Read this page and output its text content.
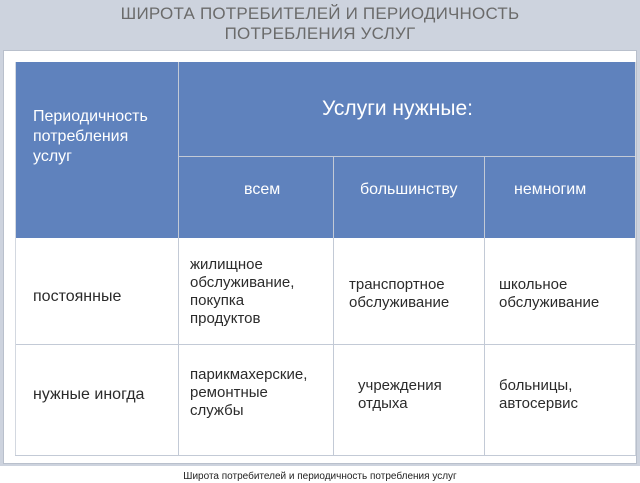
ШИРОТА ПОТРЕБИТЕЛЕЙ И ПЕРИОДИЧНОСТЬ
ПОТРЕБЛЕНИЯ УСЛУГ
Периодичность
потребления
услуг
Услуги нужные:
всем	большинству	немногим
постоянные
жилищное
обслуживание,
покупка
продуктов
транспортное
обслуживание
школьное
обслуживание
нужные иногда
парикмахерские,
ремонтные
службы
учреждения
отдыха
больницы,
автосервис
Широта потребителей и периодичность потребления услуг
